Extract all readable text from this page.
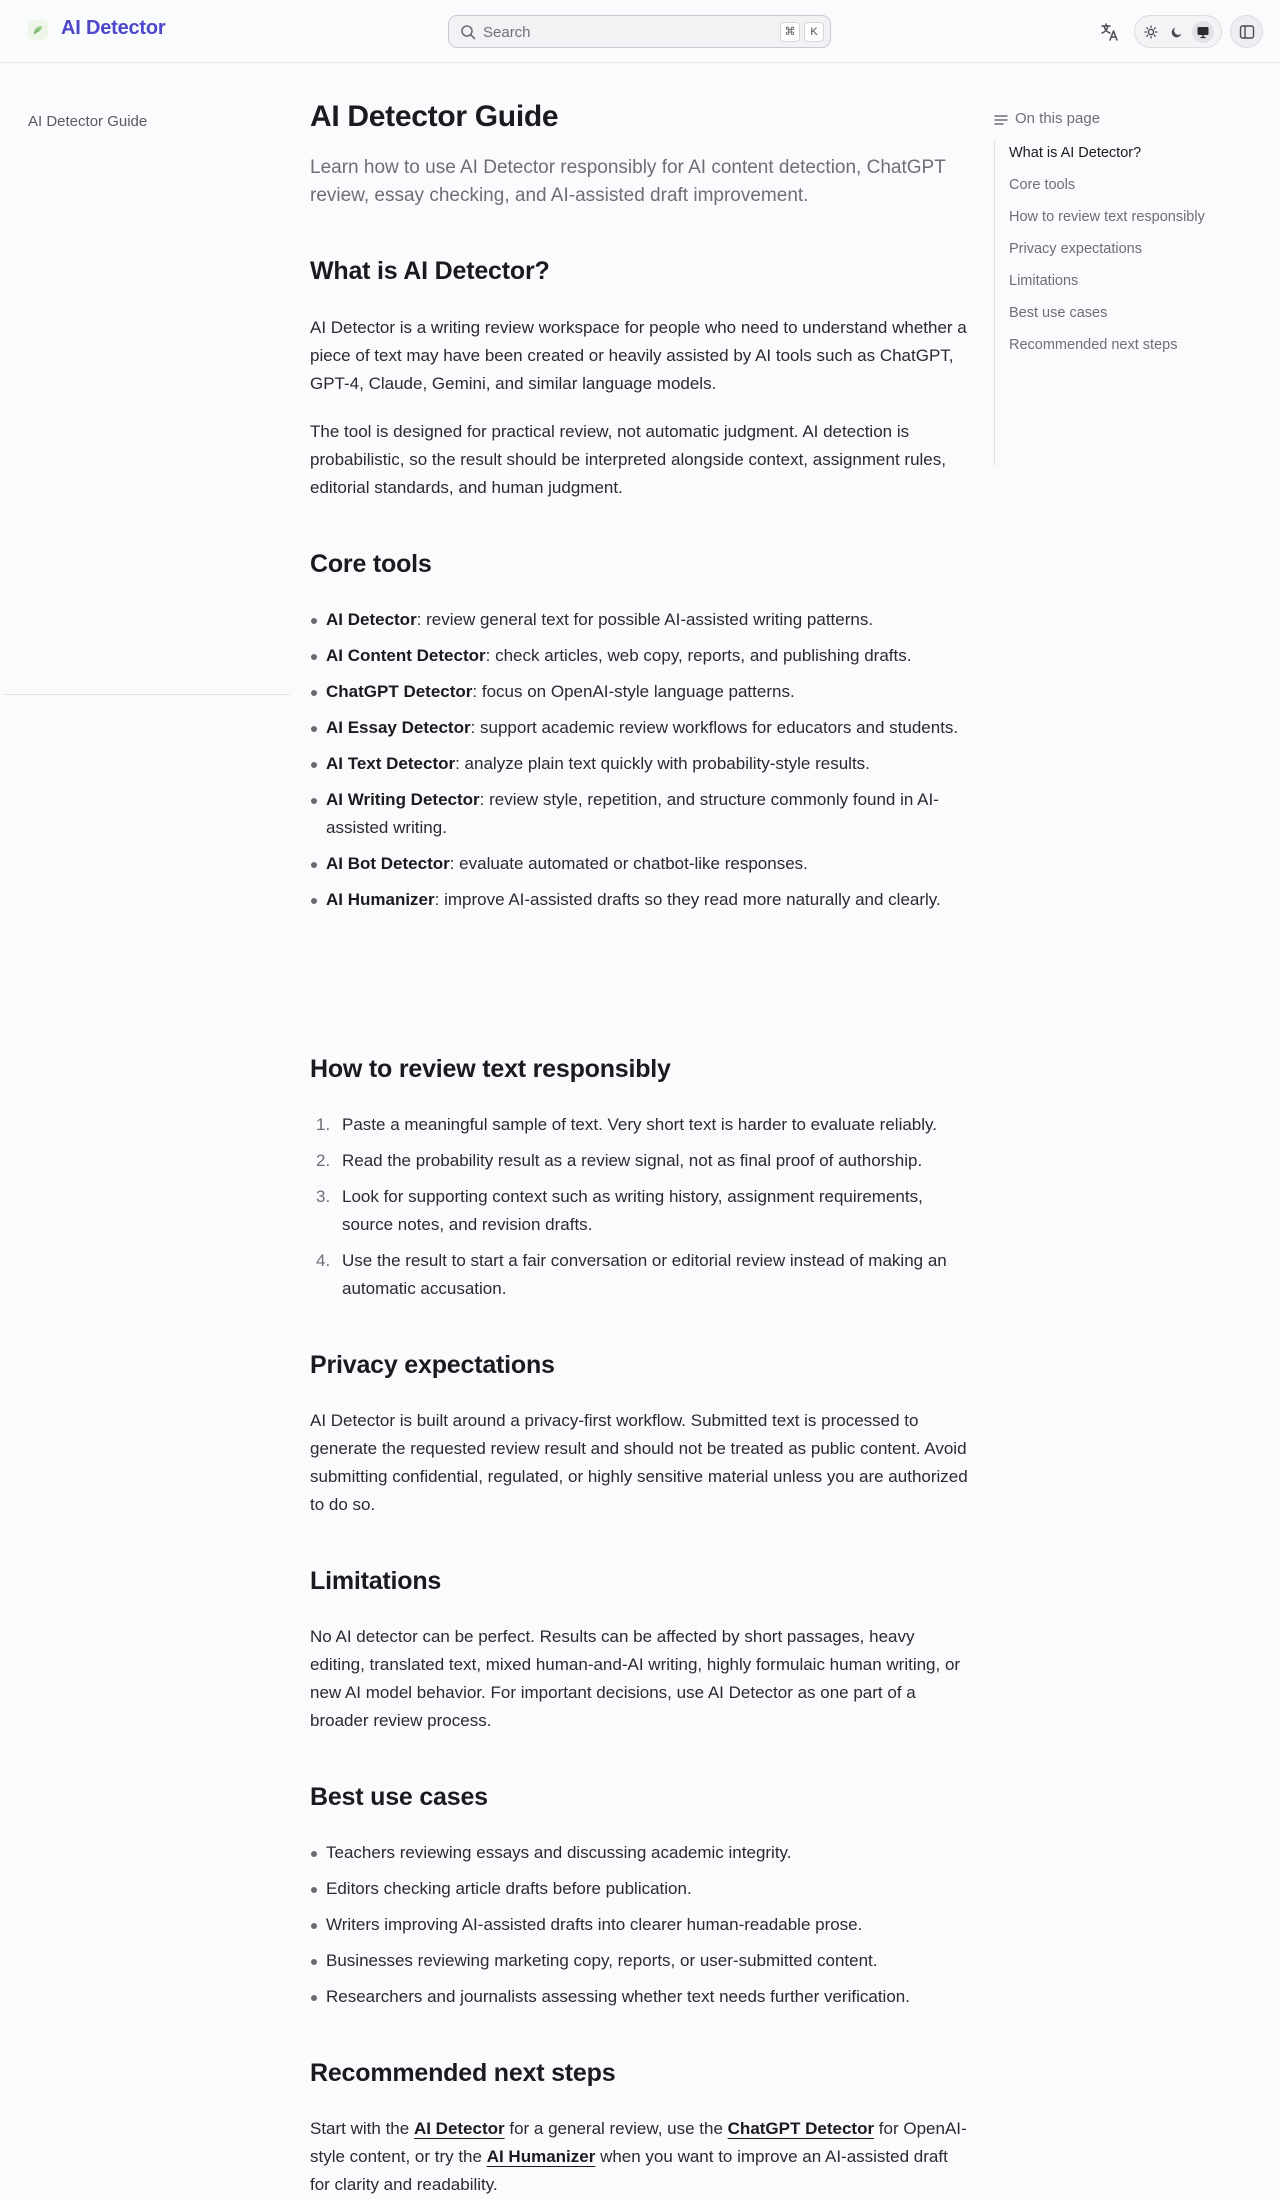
AI Detector	Search	⌘	K
AI Detector Guide	AI Detector Guide

Learn how to use AI Detector responsibly for AI content detection, ChatGPT review, essay checking, and AI-assisted draft improvement.

What is AI Detector?

AI Detector is a writing review workspace for people who need to understand whether a piece of text may have been created or heavily assisted by AI tools such as ChatGPT, GPT-4, Claude, Gemini, and similar language models.

The tool is designed for practical review, not automatic judgment. AI detection is probabilistic, so the result should be interpreted alongside context, assignment rules, editorial standards, and human judgment.

Core tools
AI Detector: review general text for possible AI-assisted writing patterns.
AI Content Detector: check articles, web copy, reports, and publishing drafts.
ChatGPT Detector: focus on OpenAI-style language patterns.
AI Essay Detector: support academic review workflows for educators and students.
AI Text Detector: analyze plain text quickly with probability-style results.
AI Writing Detector: review style, repetition, and structure commonly found in AI-assisted writing.
AI Bot Detector: evaluate automated or chatbot-like responses.
AI Humanizer: improve AI-assisted drafts so they read more naturally and clearly.
How to review text responsibly
1. Paste a meaningful sample of text. Very short text is harder to evaluate reliably.
2. Read the probability result as a review signal, not as final proof of authorship.
3. Look for supporting context such as writing history, assignment requirements, source notes, and revision drafts.
4. Use the result to start a fair conversation or editorial review instead of making an automatic accusation.
Privacy expectations

AI Detector is built around a privacy-first workflow. Submitted text is processed to generate the requested review result and should not be treated as public content. Avoid submitting confidential, regulated, or highly sensitive material unless you are authorized to do so.

Limitations

No AI detector can be perfect. Results can be affected by short passages, heavy editing, translated text, mixed human-and-AI writing, highly formulaic human writing, or new AI model behavior. For important decisions, use AI Detector as one part of a broader review process.

Best use cases
Teachers reviewing essays and discussing academic integrity.
Editors checking article drafts before publication.
Writers improving AI-assisted drafts into clearer human-readable prose.
Businesses reviewing marketing copy, reports, or user-submitted content.
Researchers and journalists assessing whether text needs further verification.
Recommended next steps

Start with the AI Detector for a general review, use the ChatGPT Detector for OpenAI-style content, or try the AI Humanizer when you want to improve an AI-assisted draft for clarity and readability.

On this page
What is AI Detector?
Core tools
How to review text responsibly
Privacy expectations
Limitations
Best use cases
Recommended next steps
